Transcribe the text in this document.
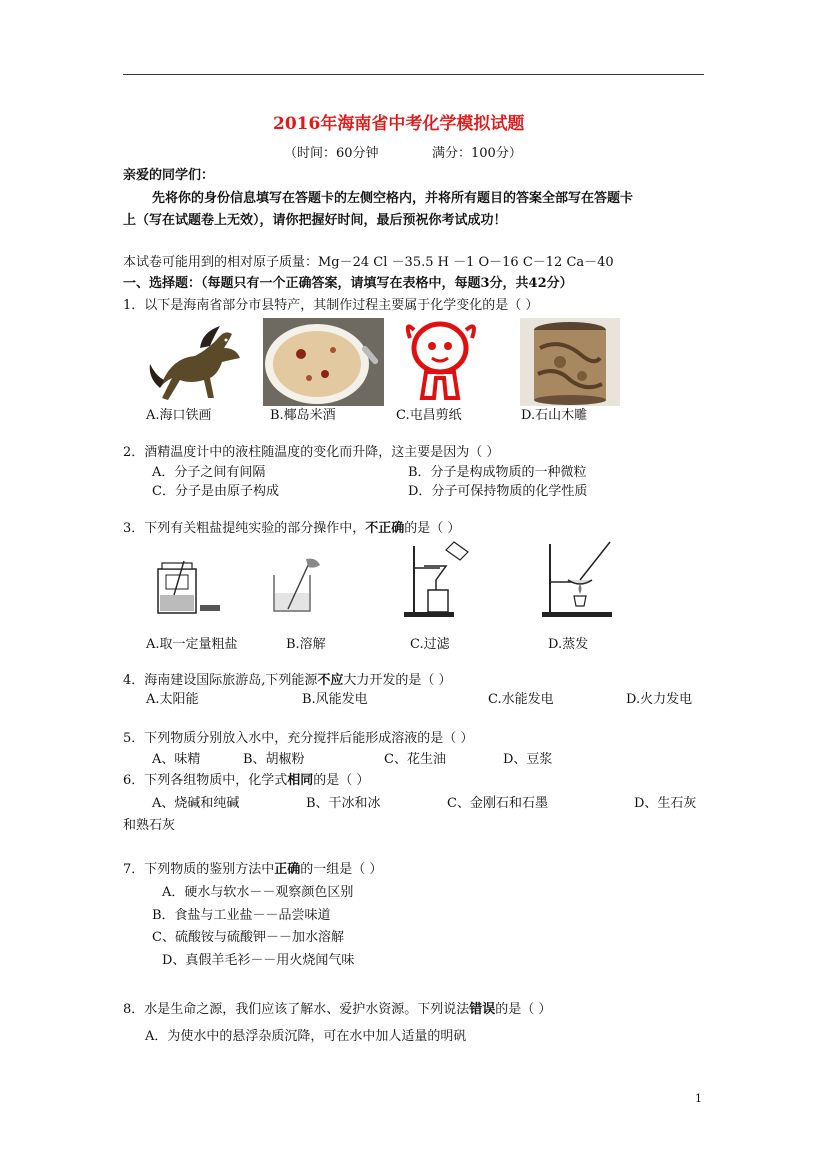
2016年海南省中考化学模拟试题
（时间：60分钟	满分：100分）
亲爱的同学们：
先将你的身份信息填写在答题卡的左侧空格内，并将所有题目的答案全部写在答题卡
上（写在试题卷上无效），请你把握好时间，最后预祝你考试成功！
本试卷可能用到的相对原子质量：Mg－24 Cl －35.5 H －1 O－16 C－12 Ca－40
一、选择题：（每题只有一个正确答案，请填写在表格中，每题3分，共42分）
1．以下是海南省部分市县特产，其制作过程主要属于化学变化的是（ ）
A.海口铁画	B.椰岛米酒	C.屯昌剪纸	D.石山木雕
2．酒精温度计中的液柱随温度的变化而升降，这主要是因为（ ）
A．分子之间有间隔	B．分子是构成物质的一种微粒
C．分子是由原子构成	D．分子可保持物质的化学性质
3．下列有关粗盐提纯实验的部分操作中，不正确的是（ ）
A.取一定量粗盐	B.溶解	C.过滤	D.蒸发
4．海南建设国际旅游岛,下列能源不应大力开发的是（ ）
A.太阳能	B.风能发电	C.水能发电	D.火力发电
5．下列物质分别放入水中，充分搅拌后能形成溶液的是（ ）
A、味精	B、胡椒粉	C、花生油	D、豆浆
6．下列各组物质中，化学式相同的是（ ）
A、烧碱和纯碱	B、干冰和冰	C、金刚石和石墨	D、生石灰
和熟石灰
7．下列物质的鉴别方法中正确的一组是（ ）
A．硬水与软水－－观察颜色区别
B．食盐与工业盐－－品尝味道
C、硫酸铵与硫酸钾－－加水溶解
D、真假羊毛衫－－用火烧闻气味
8．水是生命之源，我们应该了解水、爱护水资源。下列说法错误的是（ ）
A．为使水中的悬浮杂质沉降，可在水中加人适量的明矾
1
